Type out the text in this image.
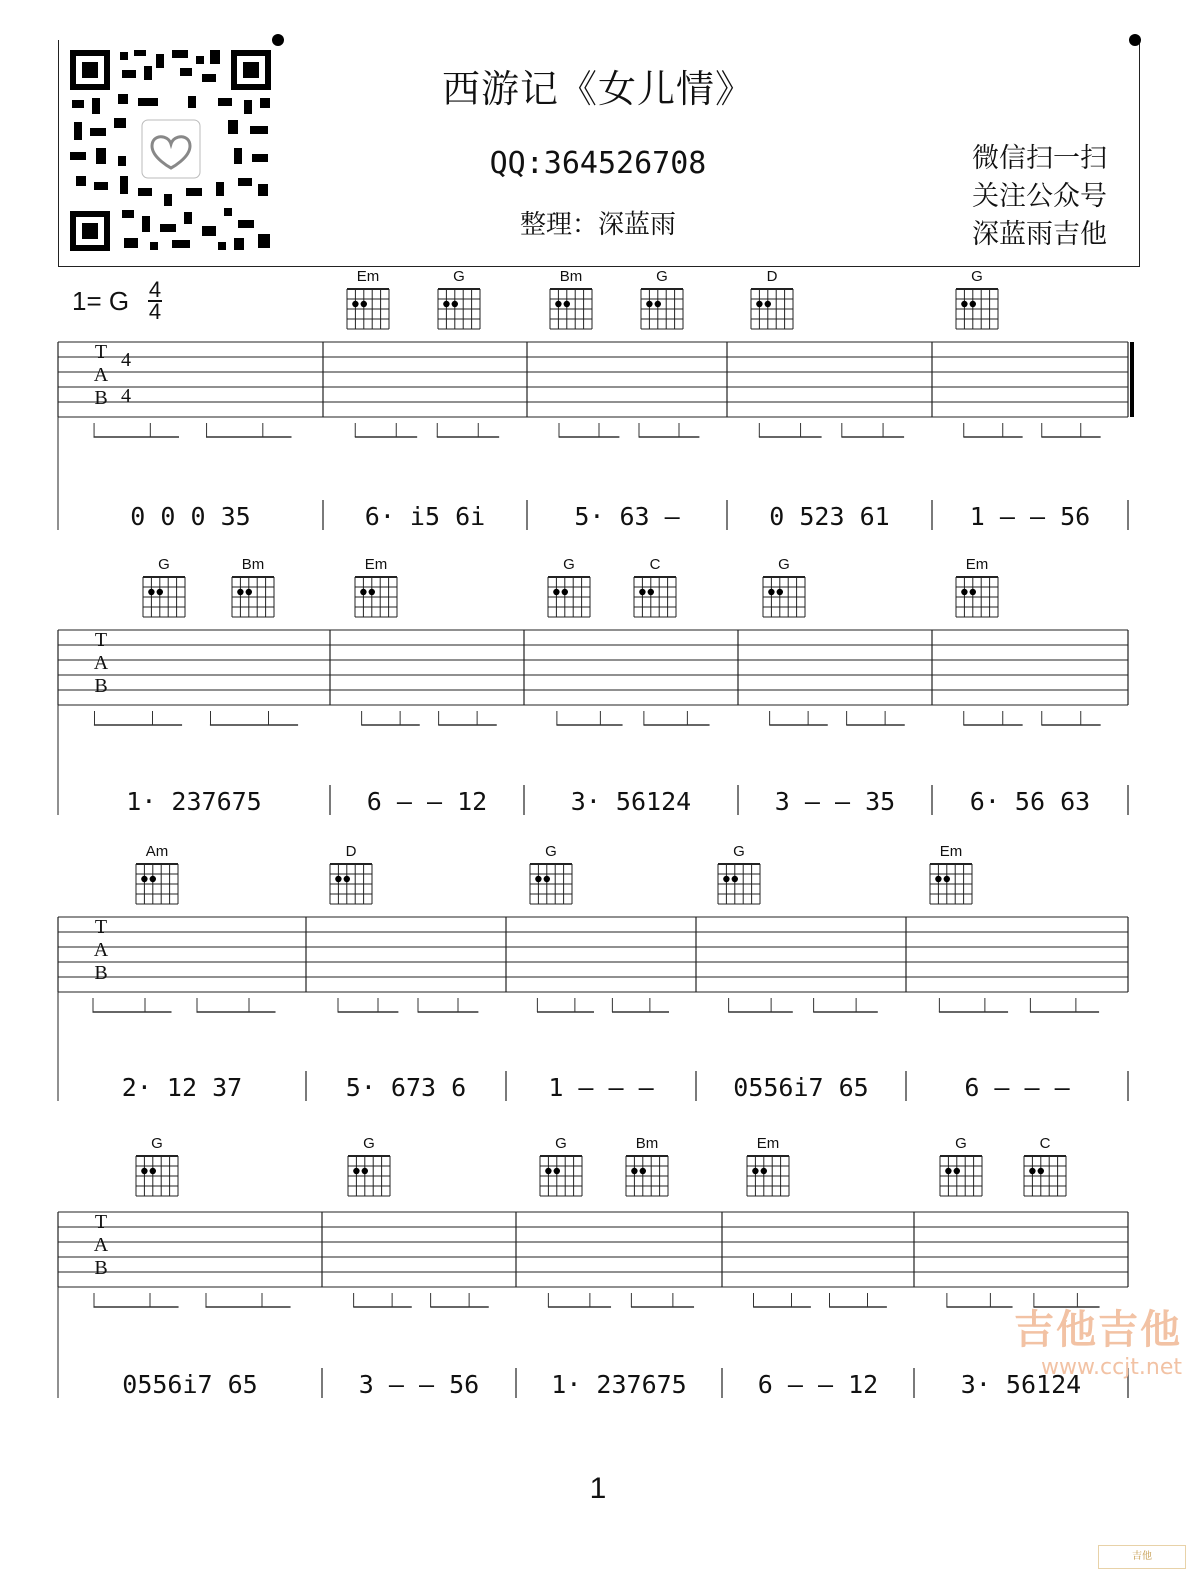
西游记《女儿情》
QQ:364526708
整理：深蓝雨
微信扫一扫
关注公众号
深蓝雨吉他
1= G 4
4
T
A
B
4
4
Em	G	Bm	G	D	G
0 0 0 35	6· i5 6i	5· 63 —	0 523 61	1 — — 56
T
A
B
G	Bm	Em	G	C	G	Em
1· 237675	6 — — 12	3· 56124	3 — — 35	6· 56 63
T
A
B
Am	D	G	G	Em
2· 12 37	5· 673 6	1 — — —	0556i7 65	6 — — —
T
A
B
G	G	G	Bm	Em	G	C
0556i7 65	3 — — 56	1· 237675	6 — — 12	3· 56124
吉他吉他
www.ccjt.net
1
吉他
